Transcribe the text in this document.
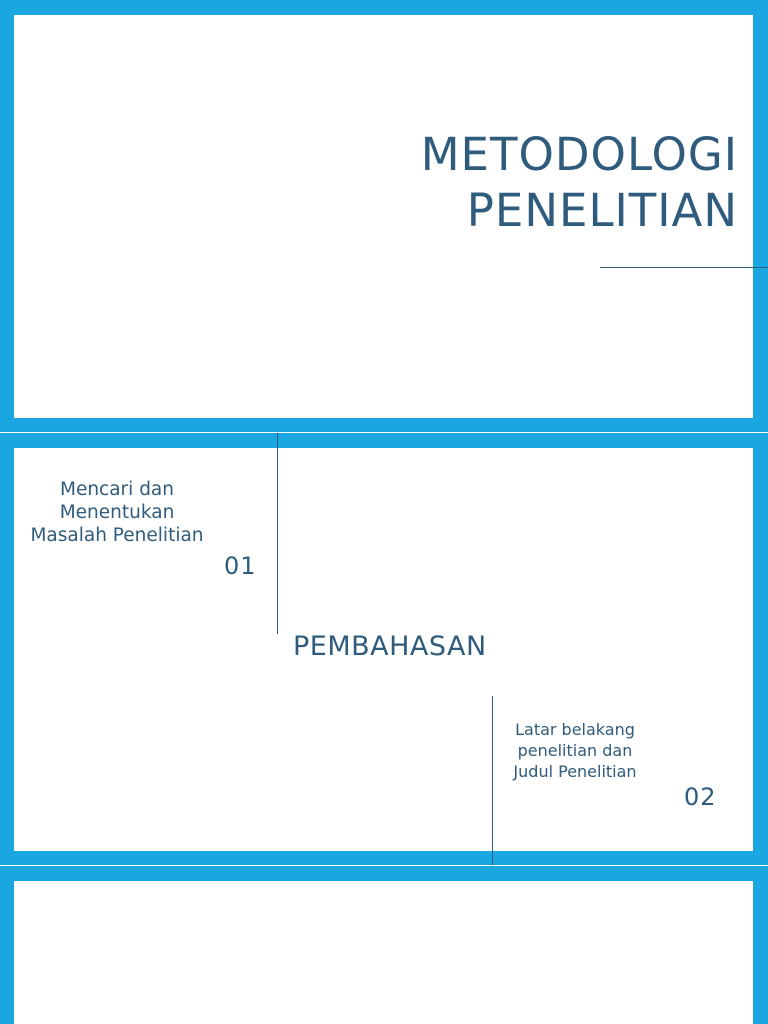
METODOLOGI
PENELITIAN
Mencari dan Menentukan Masalah Penelitian
01
PEMBAHASAN
Latar belakang penelitian dan Judul Penelitian
02
